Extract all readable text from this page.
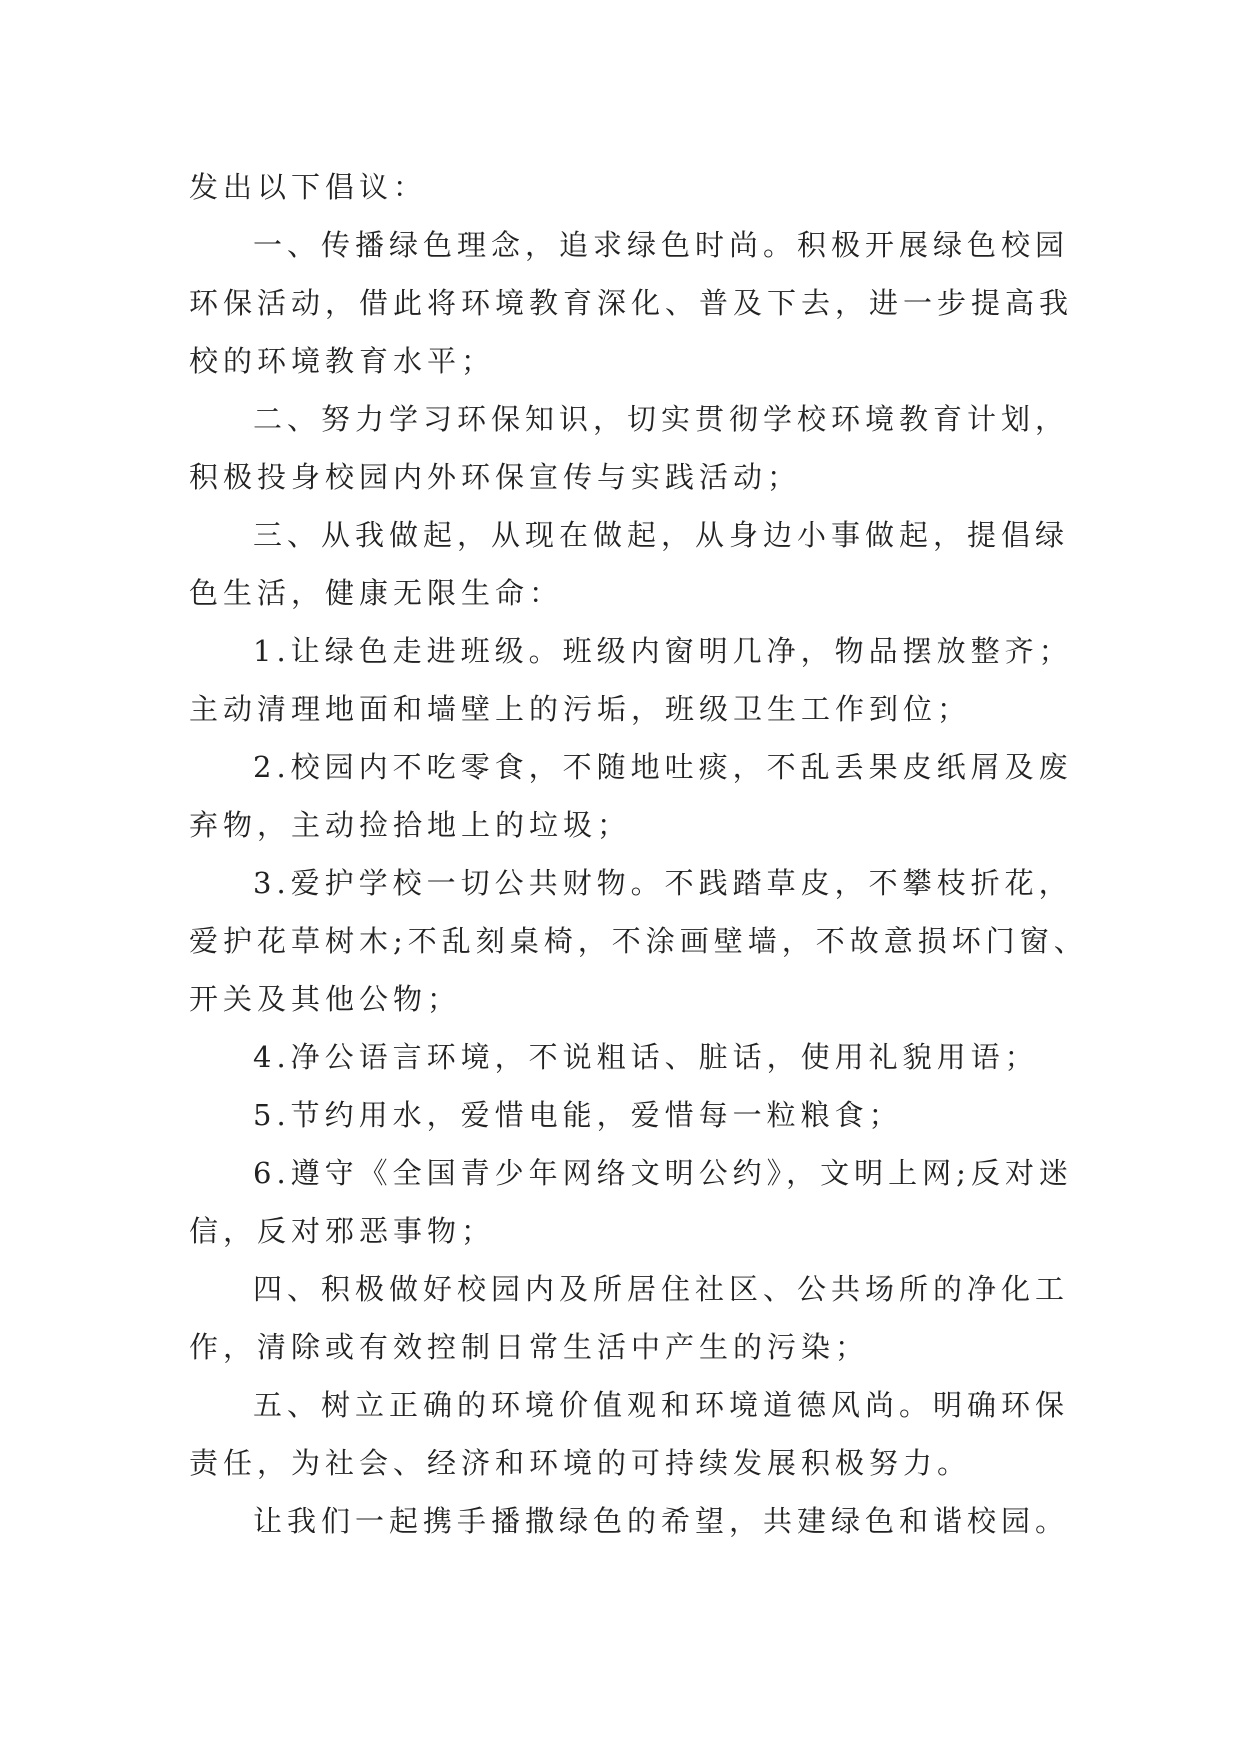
发出以下倡议：

一、传播绿色理念，追求绿色时尚。积极开展绿色校园

环保活动，借此将环境教育深化、普及下去，进一步提高我

校的环境教育水平；

二、努力学习环保知识，切实贯彻学校环境教育计划，

积极投身校园内外环保宣传与实践活动；

三、从我做起，从现在做起，从身边小事做起，提倡绿

色生活，健康无限生命：

1.让绿色走进班级。班级内窗明几净，物品摆放整齐；

主动清理地面和墙壁上的污垢，班级卫生工作到位；

2.校园内不吃零食，不随地吐痰，不乱丢果皮纸屑及废

弃物，主动捡拾地上的垃圾；

3.爱护学校一切公共财物。不践踏草皮，不攀枝折花，

爱护花草树木;不乱刻桌椅，不涂画壁墙，不故意损坏门窗、

开关及其他公物；

4.净公语言环境，不说粗话、脏话，使用礼貌用语；

5.节约用水，爱惜电能，爱惜每一粒粮食；

6.遵守《全国青少年网络文明公约》，文明上网;反对迷

信，反对邪恶事物；

四、积极做好校园内及所居住社区、公共场所的净化工

作，清除或有效控制日常生活中产生的污染；

五、树立正确的环境价值观和环境道德风尚。明确环保

责任，为社会、经济和环境的可持续发展积极努力。

让我们一起携手播撒绿色的希望，共建绿色和谐校园。
